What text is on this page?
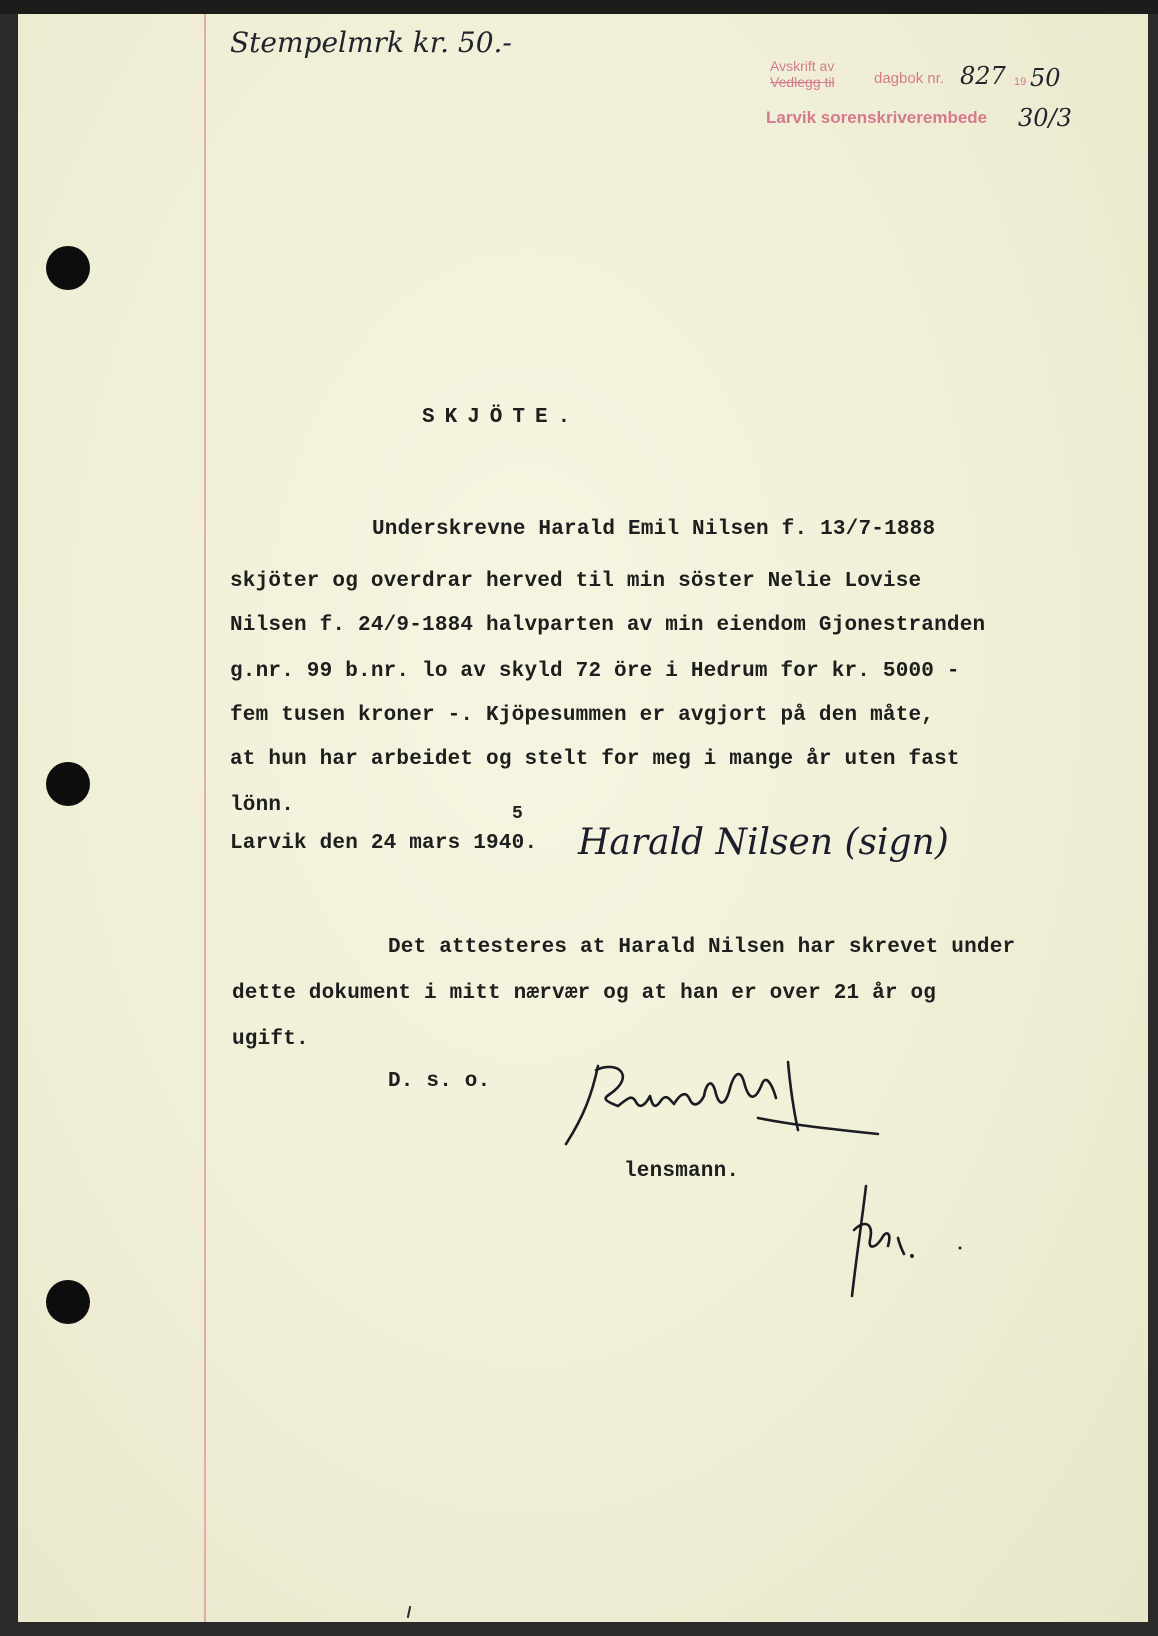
Stempelmrk kr. 50.-
Avskrift av
Vedlegg til	dagbok nr. 827 19 50
Larvik sorenskriverembede 30/3
SKJÖTE.
Underskrevne Harald Emil Nilsen f. 13/7-1888
skjöter og overdrar herved til min söster Nelie Lovise
Nilsen f. 24/9-1884 halvparten av min eiendom Gjonestranden
g.nr. 99 b.nr. lo av skyld 72 öre i Hedrum for kr. 5000 -
fem tusen kroner -. Kjöpesummen er avgjort på den måte,
at hun har arbeidet og stelt for meg i mange år uten fast
lönn.	5
Larvik den 24 mars 1940. Harald Nilsen (sign)
Det attesteres at Harald Nilsen har skrevet under
dette dokument i mitt nærvær og at han er over 21 år og
ugift.
D. s. o.
lensmann.
